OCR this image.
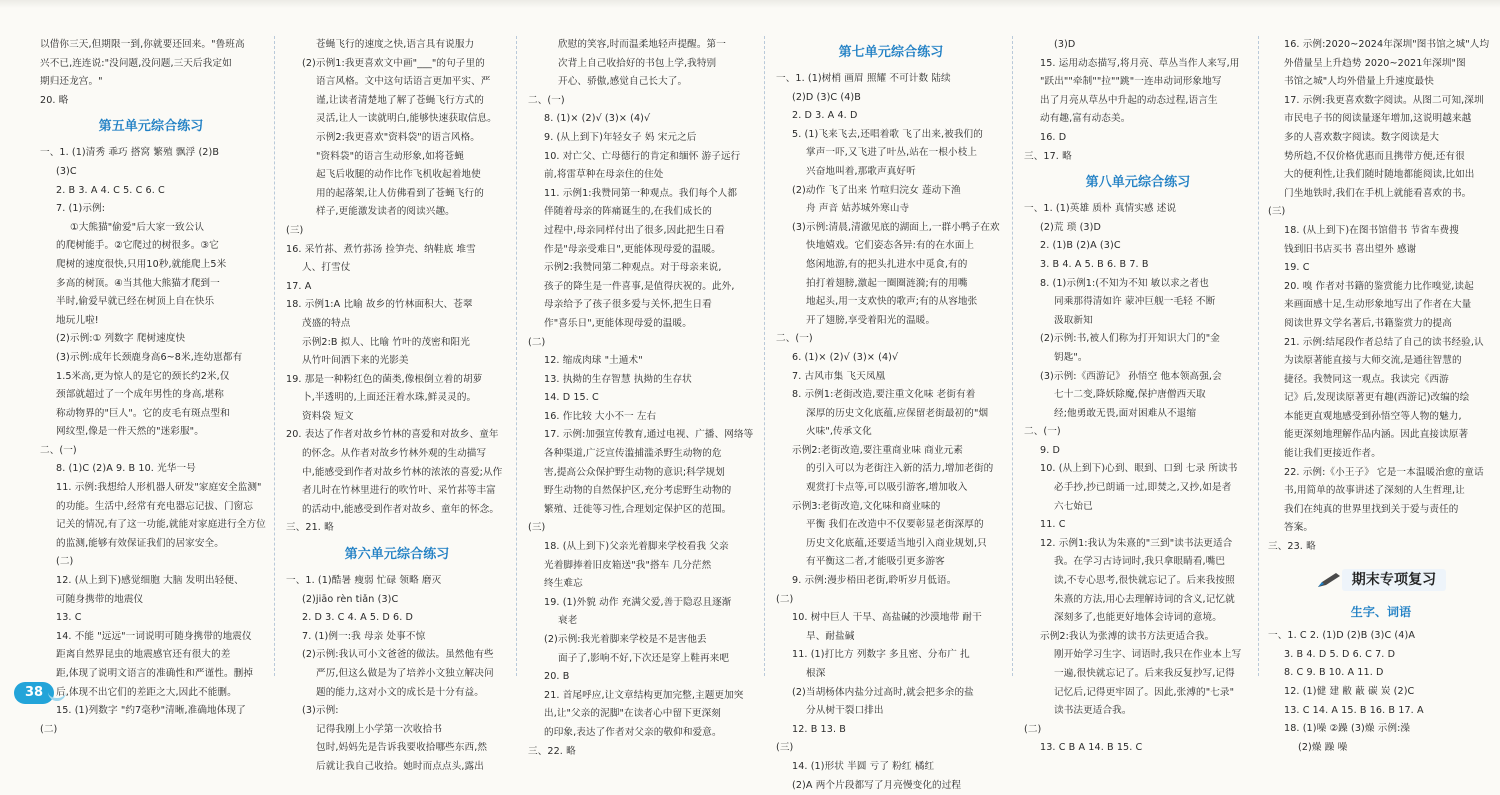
以借你三天,但期限一到,你就要还回来。"鲁班高
兴不已,连连说:"没问题,没问题,三天后我定如
期归还龙宫。"
20. 略
第五单元综合练习
一、1. (1)清秀 乖巧 搭窝 繁殖 飘浮 (2)B
(3)C
2. B 3. A 4. C 5. C 6. C
7. (1)示例:
①大熊猫"偷爱"后大家一致公认
的爬树能手。②它爬过的树很多。③它
爬树的速度很快,只用10秒,就能爬上5米
多高的树顶。④当其他大熊猫才爬到一
半时,偷爱早就已经在树顶上自在快乐
地玩儿啦!
(2)示例:① 列数字 爬树速度快
(3)示例:成年长颈鹿身高6~8米,连幼崽都有
1.5米高,更为惊人的是它的颈长约2米,仅
颈部就超过了一个成年男性的身高,堪称
称动物界的"巨人"。它的皮毛有斑点型和
网纹型,像是一件天然的"迷彩服"。
二、(一)
8. (1)C (2)A 9. B 10. 光华一号
11. 示例:我想给人形机器人研发"家庭安全监测"
的功能。生活中,经常有充电器忘记拔、门窗忘
记关的情况,有了这一功能,就能对家庭进行全方位
的监测,能够有效保证我们的居家安全。
(二)
12. (从上到下)感觉细胞 大脑 发明出轻便、
可随身携带的地震仪
13. C
14. 不能 "远远"一词说明可随身携带的地震仪
距离自然界昆虫的地震感官还有很大的差
距,体现了说明文语言的准确性和严谨性。删掉
后,体现不出它们的差距之大,因此不能删。
15. (1)列数字 "约7毫秒"清晰,准确地体现了
(二)
苍蝇飞行的速度之快,语言具有说服力
(2)示例1:我更喜欢文中画"___"的句子里的
语言风格。文中这句话语言更加平实、严
谨,让读者清楚地了解了苍蝇飞行方式的
灵活,让人一读就明白,能够快速获取信息。
示例2:我更喜欢"资料袋"的语言风格。
"资料袋"的语言生动形象,如将苍蝇
起飞后收腿的动作比作飞机收起着地使
用的起落架,让人仿佛看到了苍蝇飞行的
样子,更能激发读者的阅读兴趣。
(三)
16. 采竹荪、煮竹荪汤 捡笋壳、纳鞋底 堆雪
人、打雪仗
17. A
18. 示例1:A 比喻 故乡的竹林面积大、苍翠
茂盛的特点
示例2:B 拟人、比喻 竹叶的茂密和阳光
从竹叶间洒下来的光影美
19. 那是一种粉红色的菌类,像根倒立着的胡萝
卜,半透明的,上面还汪着水珠,鲜灵灵的。
资料袋 短文
20. 表达了作者对故乡竹林的喜爱和对故乡、童年
的怀念。从作者对故乡竹林外观的生动描写
中,能感受到作者对故乡竹林的浓浓的喜爱;从作
者儿时在竹林里进行的吹竹叶、采竹荪等丰富
的活动中,能感受到作者对故乡、童年的怀念。
三、21. 略
第六单元综合练习
一、1. (1)酷暑 瘦弱 忙碌 领略 磨灭
(2)jiāo rèn tiǎn (3)C
2. D 3. C 4. A 5. D 6. D
7. (1)例一:我 母亲 处事不惊
(2)示例:我认可小文爸爸的做法。虽然他有些
严厉,但这么做是为了培养小文独立解决问
题的能力,这对小文的成长是十分有益。
(3)示例:
记得我刚上小学第一次收拾书
包时,妈妈先是告诉我要收拾哪些东西,然
后就让我自己收拾。她时而点点头,露出
欣慰的笑容,时而温柔地轻声提醒。第一
次背上自己收拾好的书包上学,我特别
开心、骄傲,感觉自己长大了。
二、(一)
8. (1)× (2)√ (3)× (4)√
9. (从上到下)年轻女子 妈 宋元之后
10. 对亡父、亡母德行的肯定和缅怀 游子远行
前,将雷草种在母亲住的住处
11. 示例1:我赞同第一种观点。我们每个人都
伴随着母亲的阵痛诞生的,在我们成长的
过程中,母亲同样付出了很多,因此把生日看
作是"母亲受难日",更能体现母爱的温暖。
示例2:我赞同第二种观点。对于母亲来说,
孩子的降生是一件喜事,是值得庆祝的。此外,
母亲给予了孩子很多爱与关怀,把生日看
作"喜乐日",更能体现母爱的温暖。
(二)
12. 缩成肉球 "土遁术"
13. 执拗的生存智慧 执拗的生存状
14. D 15. C
16. 作比较 大小不一 左右
17. 示例:加强宣传教育,通过电视、广播、网络等
各种渠道,广泛宣传滥捕滥杀野生动物的危
害,提高公众保护野生动物的意识;科学规划
野生动物的自然保护区,充分考虑野生动物的
繁殖、迁徙等习性,合理划定保护区的范围。
(三)
18. (从上到下)父亲光着脚来学校看我 父亲
光着脚捧着旧皮箱送"我"搭车 几分茫然
终生难忘
19. (1)外貌 动作 充满父爱,善于隐忍且逐渐
衰老
(2)示例:我光着脚来学校是不是害他丢
面子了,影响不好,下次还是穿上鞋再来吧
20. B
21. 首尾呼应,让文章结构更加完整,主题更加突
出,让"父亲的泥脚"在读者心中留下更深刻
的印象,表达了作者对父亲的敬仰和爱意。
三、22. 略
第七单元综合练习
一、1. (1)树梢 画眉 照耀 不可计数 陆续
(2)D (3)C (4)B
2. D 3. A 4. D
5. (1)飞来飞去,还唱着歌 飞了出来,被我们的
掌声一吓,又飞进了叶丛,站在一根小枝上
兴奋地叫着,那歌声真好听
(2)动作 飞了出来 竹喧归浣女 莲动下渔
舟 声音 姑苏城外寒山寺
(3)示例:清晨,清澈见底的湖面上,一群小鸭子在欢
快地嬉戏。它们姿态各异:有的在水面上
悠闲地游,有的把头扎进水中觅食,有的
拍打着翅膀,激起一圈圈涟漪;有的用嘴
地起头,用一支欢快的歌声;有的从容地张
开了翅膀,享受着阳光的温暖。
二、(一)
6. (1)× (2)√ (3)× (4)√
7. 古风市集 飞天凤凰
8. 示例1:老街改造,要注重文化味 老街有着
深厚的历史文化底蕴,应保留老街最初的"烟
火味",传承文化
示例2:老街改造,要注重商业味 商业元素
的引入可以为老街注入新的活力,增加老街的
观赏打卡点等,可以吸引游客,增加收入
示例3:老街改造,文化味和商业味的
平衡 我们在改造中不仅要彰显老街深厚的
历史文化底蕴,还要适当地引入商业规划,只
有平衡这二者,才能吸引更多游客
9. 示例:漫步梧田老街,聆听岁月低语。
(二)
10. 树中巨人 干旱、高盐碱的沙漠地带 耐干
旱、耐盐碱
11. (1)打比方 列数字 多且密、分布广 扎
根深
(2)当胡杨体内盐分过高时,就会把多余的盐
分从树干裂口排出
12. B 13. B
(三)
14. (1)形状 半圆 亏了 粉红 橘红
(2)A 两个片段都写了月亮慢变化的过程
(3)D
15. 运用动态描写,将月亮、草丛当作人来写,用
"跃出""牵制""拉""跳"一连串动词形象地写
出了月亮从草丛中升起的动态过程,语言生
动有趣,富有动态美。
16. D
三、17. 略
第八单元综合练习
一、1. (1)英雄 质朴 真情实感 述说
(2)荒 琐 (3)D
2. (1)B (2)A (3)C
3. B 4. A 5. B 6. B 7. B
8. (1)示例1:(不知为不知 敏以求之者也
同乘那得清如许 蒙冲巨舰一毛轻 不断
汲取新知
(2)示例:书,被人们称为打开知识大门的"金
钥匙"。
(3)示例:《西游记》 孙悟空 他本领高强,会
七十二变,降妖除魔,保护唐僧西天取
经;他勇敢无畏,面对困难从不退缩
二、(一)
9. D
10. (从上到下)心到、眼到、口到 七录 所读书
必手抄,抄已朗诵一过,即焚之,又抄,如是者
六七始已
11. C
12. 示例1:我认为朱熹的"三到"读书法更适合
我。在学习古诗词时,我只拿眼睛看,嘴巴
读,不专心思考,很快就忘记了。后来我按照
朱熹的方法,用心去理解诗词的含义,记忆就
深刻多了,也能更好地体会诗词的意境。
示例2:我认为张溥的读书方法更适合我。
刚开始学习生字、词语时,我只在作业本上写
一遍,很快就忘记了。后来我反复抄写,记得
记忆后,记得更牢固了。因此,张溥的"七录"
读书法更适合我。
(二)
13. C B A 14. B 15. C
16. 示例:2020~2024年深圳"图书馆之城"人均
外借量呈上升趋势 2020~2021年深圳"图
书馆之城"人均外借量上升速度最快
17. 示例:我更喜欢数字阅读。从图二可知,深圳
市民电子书的阅读量逐年增加,这说明越来越
多的人喜欢数字阅读。数字阅读是大
势所趋,不仅价格优惠而且携带方便,还有很
大的便利性,让我们随时随地都能阅读,比如出
门坐地铁时,我们在手机上就能看喜欢的书。
(三)
18. (从上到下)在图书馆借书 节省车费搜
钱到旧书店买书 喜出望外 感谢
19. C
20. 嗅 作者对书籍的鉴赏能力比作嗅觉,读起
来画面感十足,生动形象地写出了作者在大量
阅读世界文学名著后,书籍鉴赏力的提高
21. 示例:结尾段作者总结了自己的读书经验,认
为读原著能直接与大师交流,是通往智慧的
捷径。我赞同这一观点。我读完《西游
记》后,发现读原著更有趣(西游记)改编的绘
本能更直观地感受到孙悟空等人物的魅力,
能更深刻地理解作品内涵。因此直接读原著
能让我们更接近作者。
22. 示例:《小王子》 它是一本温暖治愈的童话
书,用简单的故事讲述了深刻的人生哲理,让
我们在纯真的世界里找到关于爱与责任的
答案。
三、23. 略
期末专项复习
生字、词语
一、1. C 2. (1)D (2)B (3)C (4)A
3. B 4. D 5. D 6. C 7. D
8. C 9. B 10. A 11. D
12. (1)健 建 敝 蔽 碳 炭 (2)C
13. C 14. A 15. B 16. B 17. A
18. (1)噪 ②躁 (3)燥 示例:澡
(2)燥 躁 噪
38
